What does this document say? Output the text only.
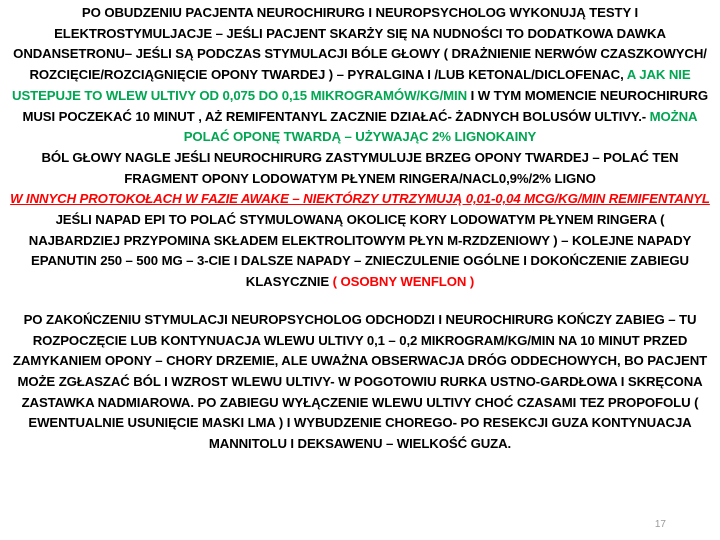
PO OBUDZENIU PACJENTA NEUROCHIRURG I NEUROPSYCHOLOG WYKONUJĄ TESTY I ELEKTROSTYMULJACJE – JEŚLI PACJENT SKARŻY SIĘ NA NUDNOŚCI TO DODATKOWA DAWKA ONDANSETRONU– JEŚLI SĄ PODCZAS STYMULACJI BÓLE GŁOWY ( DRAŻNIENIE NERWÓW CZASZKOWYCH/ ROZCIĘCIE/ROZCIĄGNIĘCIE OPONY TWARDEJ ) – PYRALGINA I /LUB KETONAL/DICLOFENAC, A JAK NIE USTEPUJE TO WLEW ULTIVY OD 0,075 DO 0,15 MIKROGRAMÓW/KG/MIN I W TYM MOMENCIE NEUROCHIRURG MUSI POCZEKAĆ 10 MINUT , AŻ REMIFENTANYL ZACZNIE DZIAŁAĆ- ŻADNYCH BOLUSÓW ULTIVY.- MOŻNA POLAĆ OPONĘ TWARDĄ – UŻYWAJĄC 2% LIGNOKAINY
BÓL GŁOWY NAGLE JEŚLI NEUROCHIRURG ZASTYMULUJE BRZEG OPONY TWARDEJ – POLAĆ TEN FRAGMENT OPONY LODOWATYM PŁYNEM RINGERA/NACL0,9%/2% LIGNO
W INNYCH PROTOKOŁACH W FAZIE AWAKE – NIEKTÓRZY UTRZYMUJĄ 0,01-0,04 MCG/KG/MIN REMIFENTANYL
JEŚLI NAPAD EPI TO POLAĆ STYMULOWANĄ OKOLICĘ KORY LODOWATYM PŁYNEM RINGERA ( NAJBARDZIEJ PRZYPOMINA SKŁADEM ELEKTROLITOWYM PŁYN M-RZDZENIOWY ) – KOLEJNE NAPADY EPANUTIN 250 – 500 MG – 3-CIE I DALSZE NAPADY – ZNIECZULENIE OGÓLNE I DOKOŃCZENIE ZABIEGU KLASYCZNIE ( OSOBNY WENFLON )
PO ZAKOŃCZENIU STYMULACJI NEUROPSYCHOLOG ODCHODZI I NEUROCHIRURG KOŃCZY ZABIEG – TU ROZPOCZĘCIE LUB KONTYNUACJA WLEWU ULTIVY 0,1 – 0,2 MIKROGRAM/KG/MIN NA 10 MINUT PRZED ZAMYKANIEM OPONY – CHORY DRZEMIE, ALE UWAŻNA OBSERWACJA DRÓG ODDECHOWYCH, BO PACJENT MOŻE ZGŁASZAĆ BÓL I WZROST WLEWU ULTIVY- W POGOTOWIU RURKA USTNO-GARDŁOWA I SKRĘCONA ZASTAWKA NADMIAROWA. PO ZABIEGU WYŁĄCZENIE WLEWU ULTIVY CHOĆ CZASAMI TEZ PROPOFOLU ( EWENTUALNIE USUNIĘCIE MASKI LMA ) I WYBUDZENIE CHOREGO- PO RESEKCJI GUZA KONTYNUACJA MANNITOLU I DEKSAWENU – WIELKOŚĆ GUZA.
17
